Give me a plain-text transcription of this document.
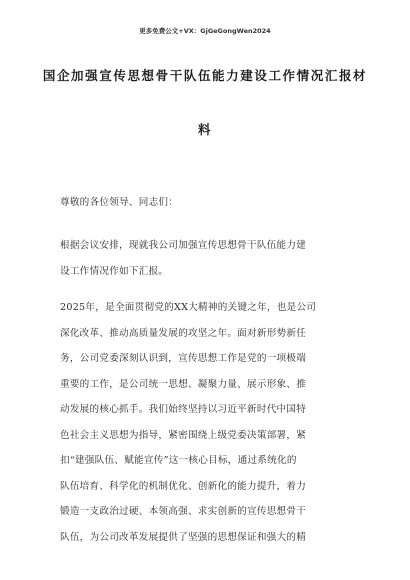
更多免费公文+VX：GjGeGongWen2024
国企加强宣传思想骨干队伍能力建设工作情况汇报材
料
尊敬的各位领导、同志们：
根据会议安排，现就我公司加强宣传思想骨干队伍能力建
设工作情况作如下汇报。
2025年，是全面贯彻党的XX大精神的关键之年，也是公司
深化改革、推动高质量发展的攻坚之年。面对新形势新任
务，公司党委深刻认识到，宣传思想工作是党的一项极端
重要的工作，是公司统一思想、凝聚力量、展示形象、推
动发展的核心抓手。我们始终坚持以习近平新时代中国特
色社会主义思想为指导，紧密围绕上级党委决策部署，紧
扣“建强队伍、赋能宣传”这一核心目标，通过系统化的
队伍培育、科学化的机制优化、创新化的能力提升，着力
锻造一支政治过硬、本领高强、求实创新的宣传思想骨干
队伍，为公司改革发展提供了坚强的思想保证和强大的精
